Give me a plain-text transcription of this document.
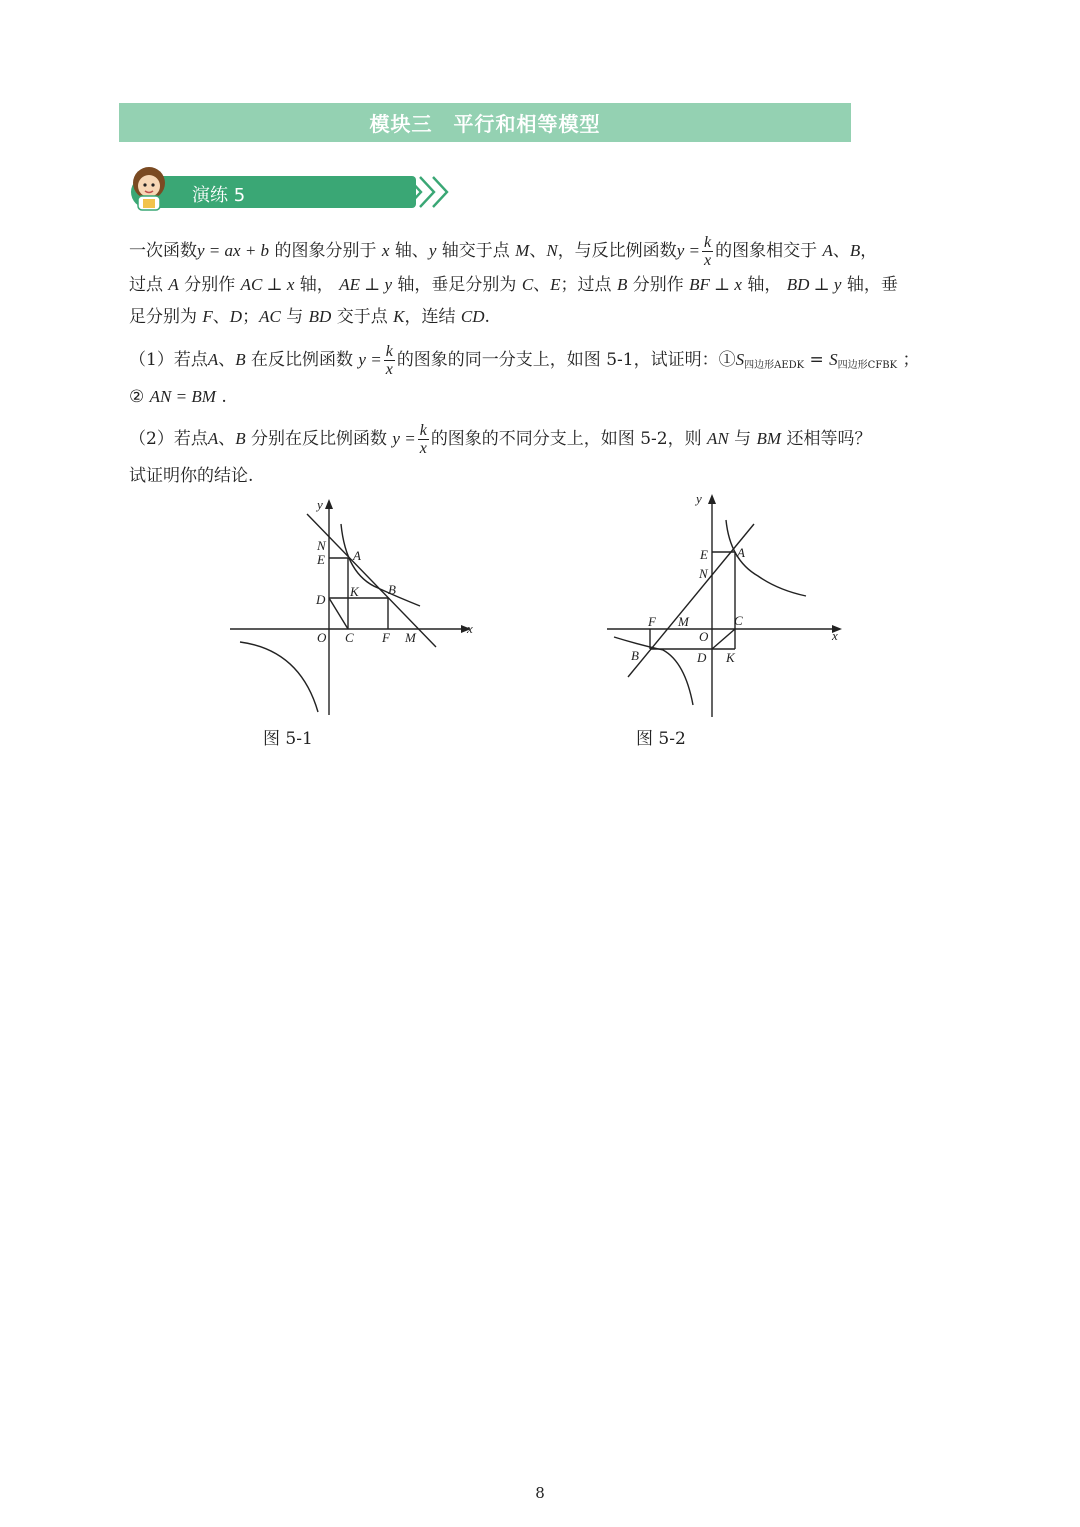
模块三　平行和相等模型
演练 5
一次函数y = ax + b 的图象分别于 x 轴、y 轴交于点 M、N，与反比例函数$y = \frac{k}{x}$ 的图象相交于 A、B，
过点 A 分别作 AC ⊥ x 轴， AE ⊥ y 轴，垂足分别为 C、E；过点 B 分别作 BF ⊥ x 轴， BD ⊥ y 轴，垂
足分别为 F、D；AC 与 BD 交于点 K，连结 CD.
（1）若点A、B 在反比例函数 $y = \frac{k}{x}$ 的图象的同一分支上，如图 5-1，试证明：$①S_{四边形AEDK} = S_{四边形CFBK}$ ；
② AN = BM .
（2）若点A、B 分别在反比例函数 $y = \frac{k}{x}$ 的图象的不同分支上，如图 5-2，则 AN 与 BM 还相等吗？
试证明你的结论.
y
x
N
E A
D
K B
O C F M
图 5-1
y
x
E A
N
F M
O
C
B	D K
图 5-2
8
